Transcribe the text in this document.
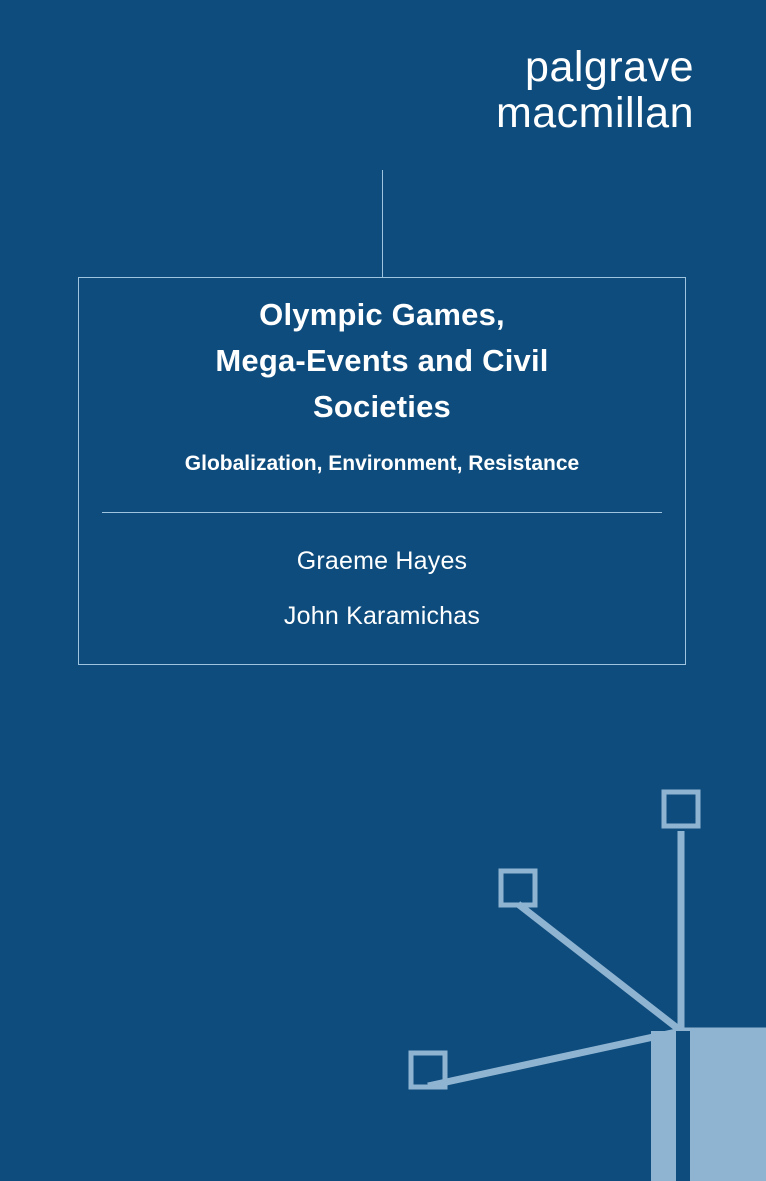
palgrave
macmillan
Olympic Games,
Mega-Events and Civil
Societies
Globalization, Environment, Resistance
Graeme Hayes
John Karamichas
